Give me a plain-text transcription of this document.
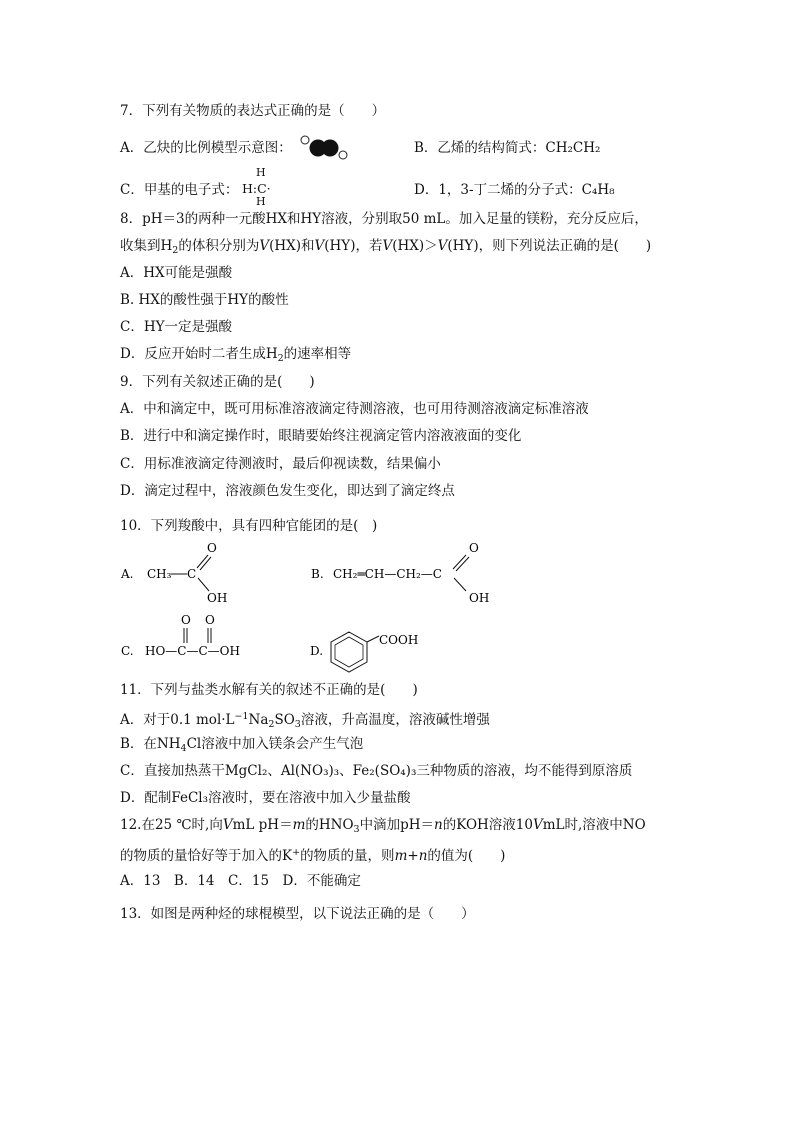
7．下列有关物质的表达式正确的是（　　）
A．乙炔的比例模型示意图：	B．乙烯的结构简式：CH₂CH₂
C．甲基的电子式：
H
H:C·
H
D．1，3-丁二烯的分子式：C₄H₈
8．pH＝3的两种一元酸HX和HY溶液，分别取50 mL。加入足量的镁粉，充分反应后，
收集到$H_2$的体积分别为V(HX)和V(HY)，若V(HX)＞V(HY)，则下列说法正确的是(　　)
A．HX可能是强酸
B. HX的酸性强于HY的酸性
C．HY一定是强酸
D．反应开始时二者生成$H_2$的速率相等
9．下列有关叙述正确的是(　　)
A．中和滴定中，既可用标准溶液滴定待测溶液，也可用待测溶液滴定标准溶液
B．进行中和滴定操作时，眼睛要始终注视滴定管内溶液液面的变化
C．用标准液滴定待测液时，最后仰视读数，结果偏小
D．滴定过程中，溶液颜色发生变化，即达到了滴定终点
10．下列羧酸中，具有四种官能团的是(　)
A. CH₃ C
O
OH
B. CH₂═CH—CH₂—C
O
OH
C. HO—C—C—OH
O O
D.
COOH
11．下列与盐类水解有关的叙述不正确的是(　　)
A．对于0.1 $mol\cdot L^{-1}Na_2SO_3$溶液，升高温度，溶液碱性增强
B．在$NH_4Cl$溶液中加入镁条会产生气泡
C．直接加热蒸干MgCl₂、Al(NO₃)₃、Fe₂(SO₄)₃三种物质的溶液，均不能得到原溶质
D．配制FeCl₃溶液时，要在溶液中加入少量盐酸
12.在25 ℃时,向VmL pH＝m的$HNO_3$中滴加pH＝n的KOH溶液10VmL时,溶液中NO
的物质的量恰好等于加入的K+的物质的量，则m+n的值为(　　)
A．13　B．14　C．15　D．不能确定
13．如图是两种烃的球棍模型，以下说法正确的是（　　）
